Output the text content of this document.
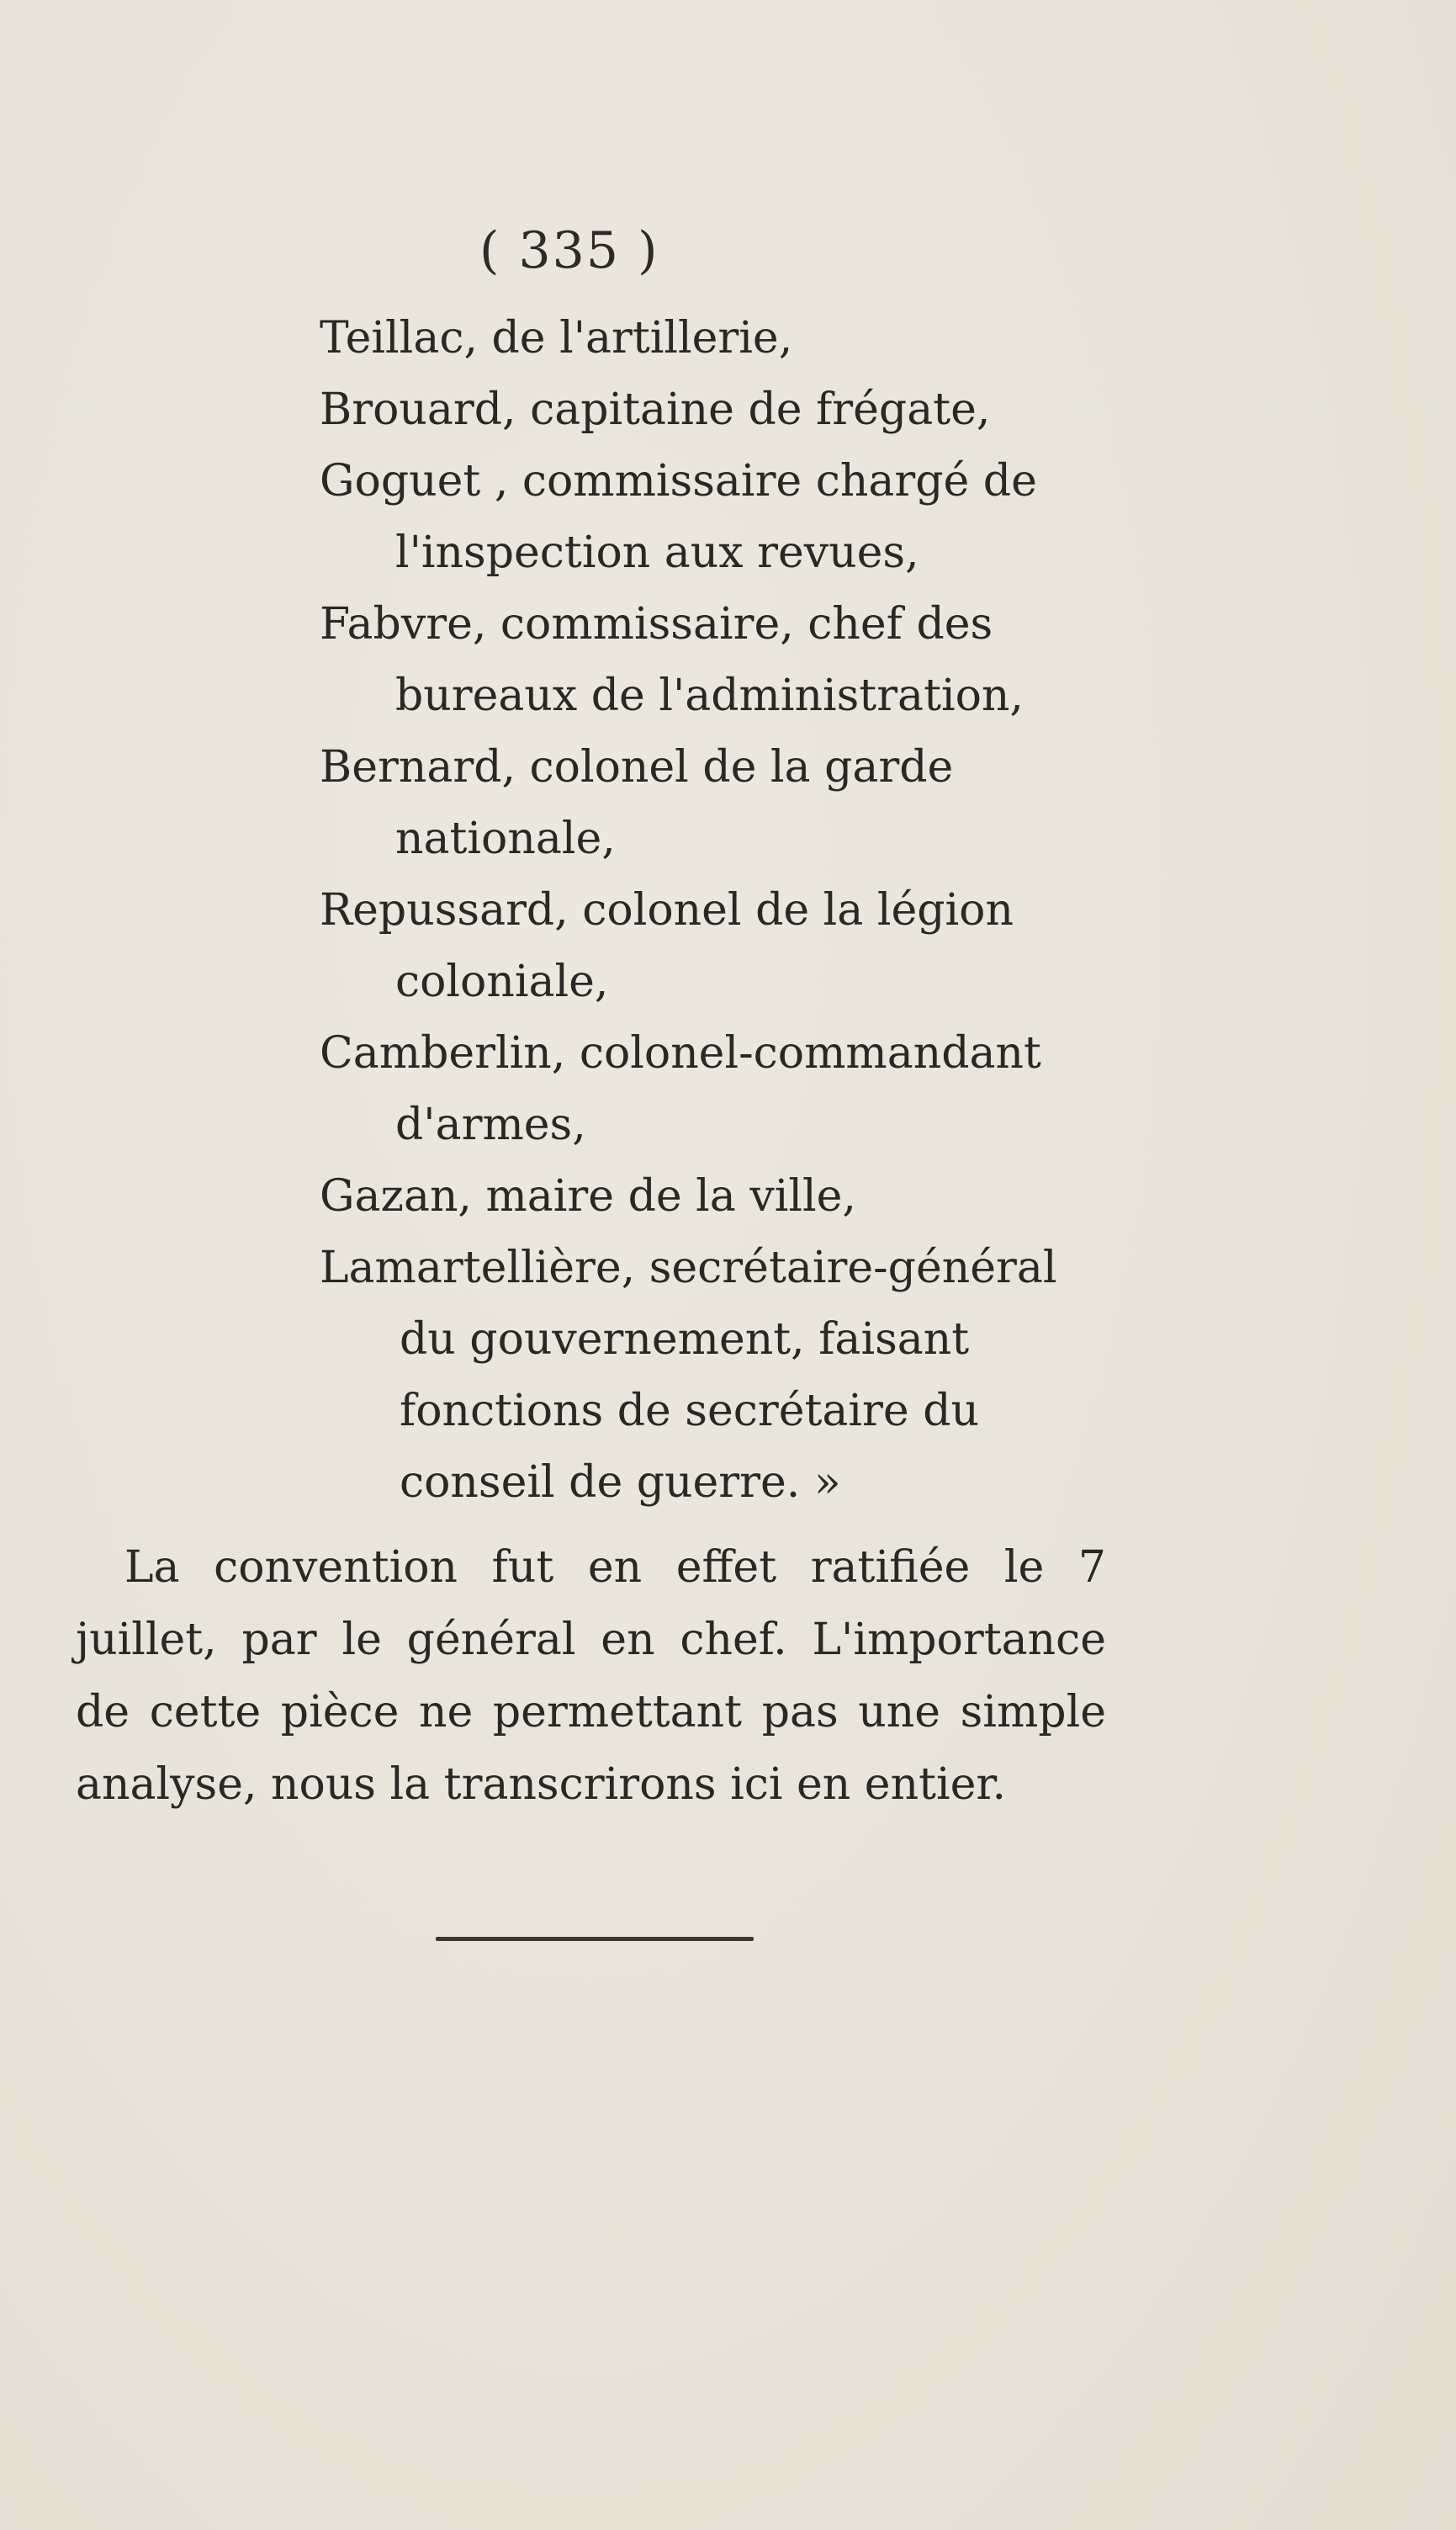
( 335 )
Teillac, de l'artillerie,
Brouard, capitaine de frégate,
Goguet , commissaire chargé de l'inspection aux revues,
Fabvre, commissaire, chef des bureaux de l'administration,
Bernard, colonel de la garde nationale,
Repussard, colonel de la légion coloniale,
Camberlin, colonel-commandant d'armes,
Gazan, maire de la ville,
Lamartellière, secrétaire-général du gouvernement, faisant fonctions de secrétaire du conseil de guerre. »

La convention fut en effet ratifiée le 7 juillet, par le général en chef. L'importance de cette pièce ne permettant pas une simple analyse, nous la transcrirons ici en entier.
